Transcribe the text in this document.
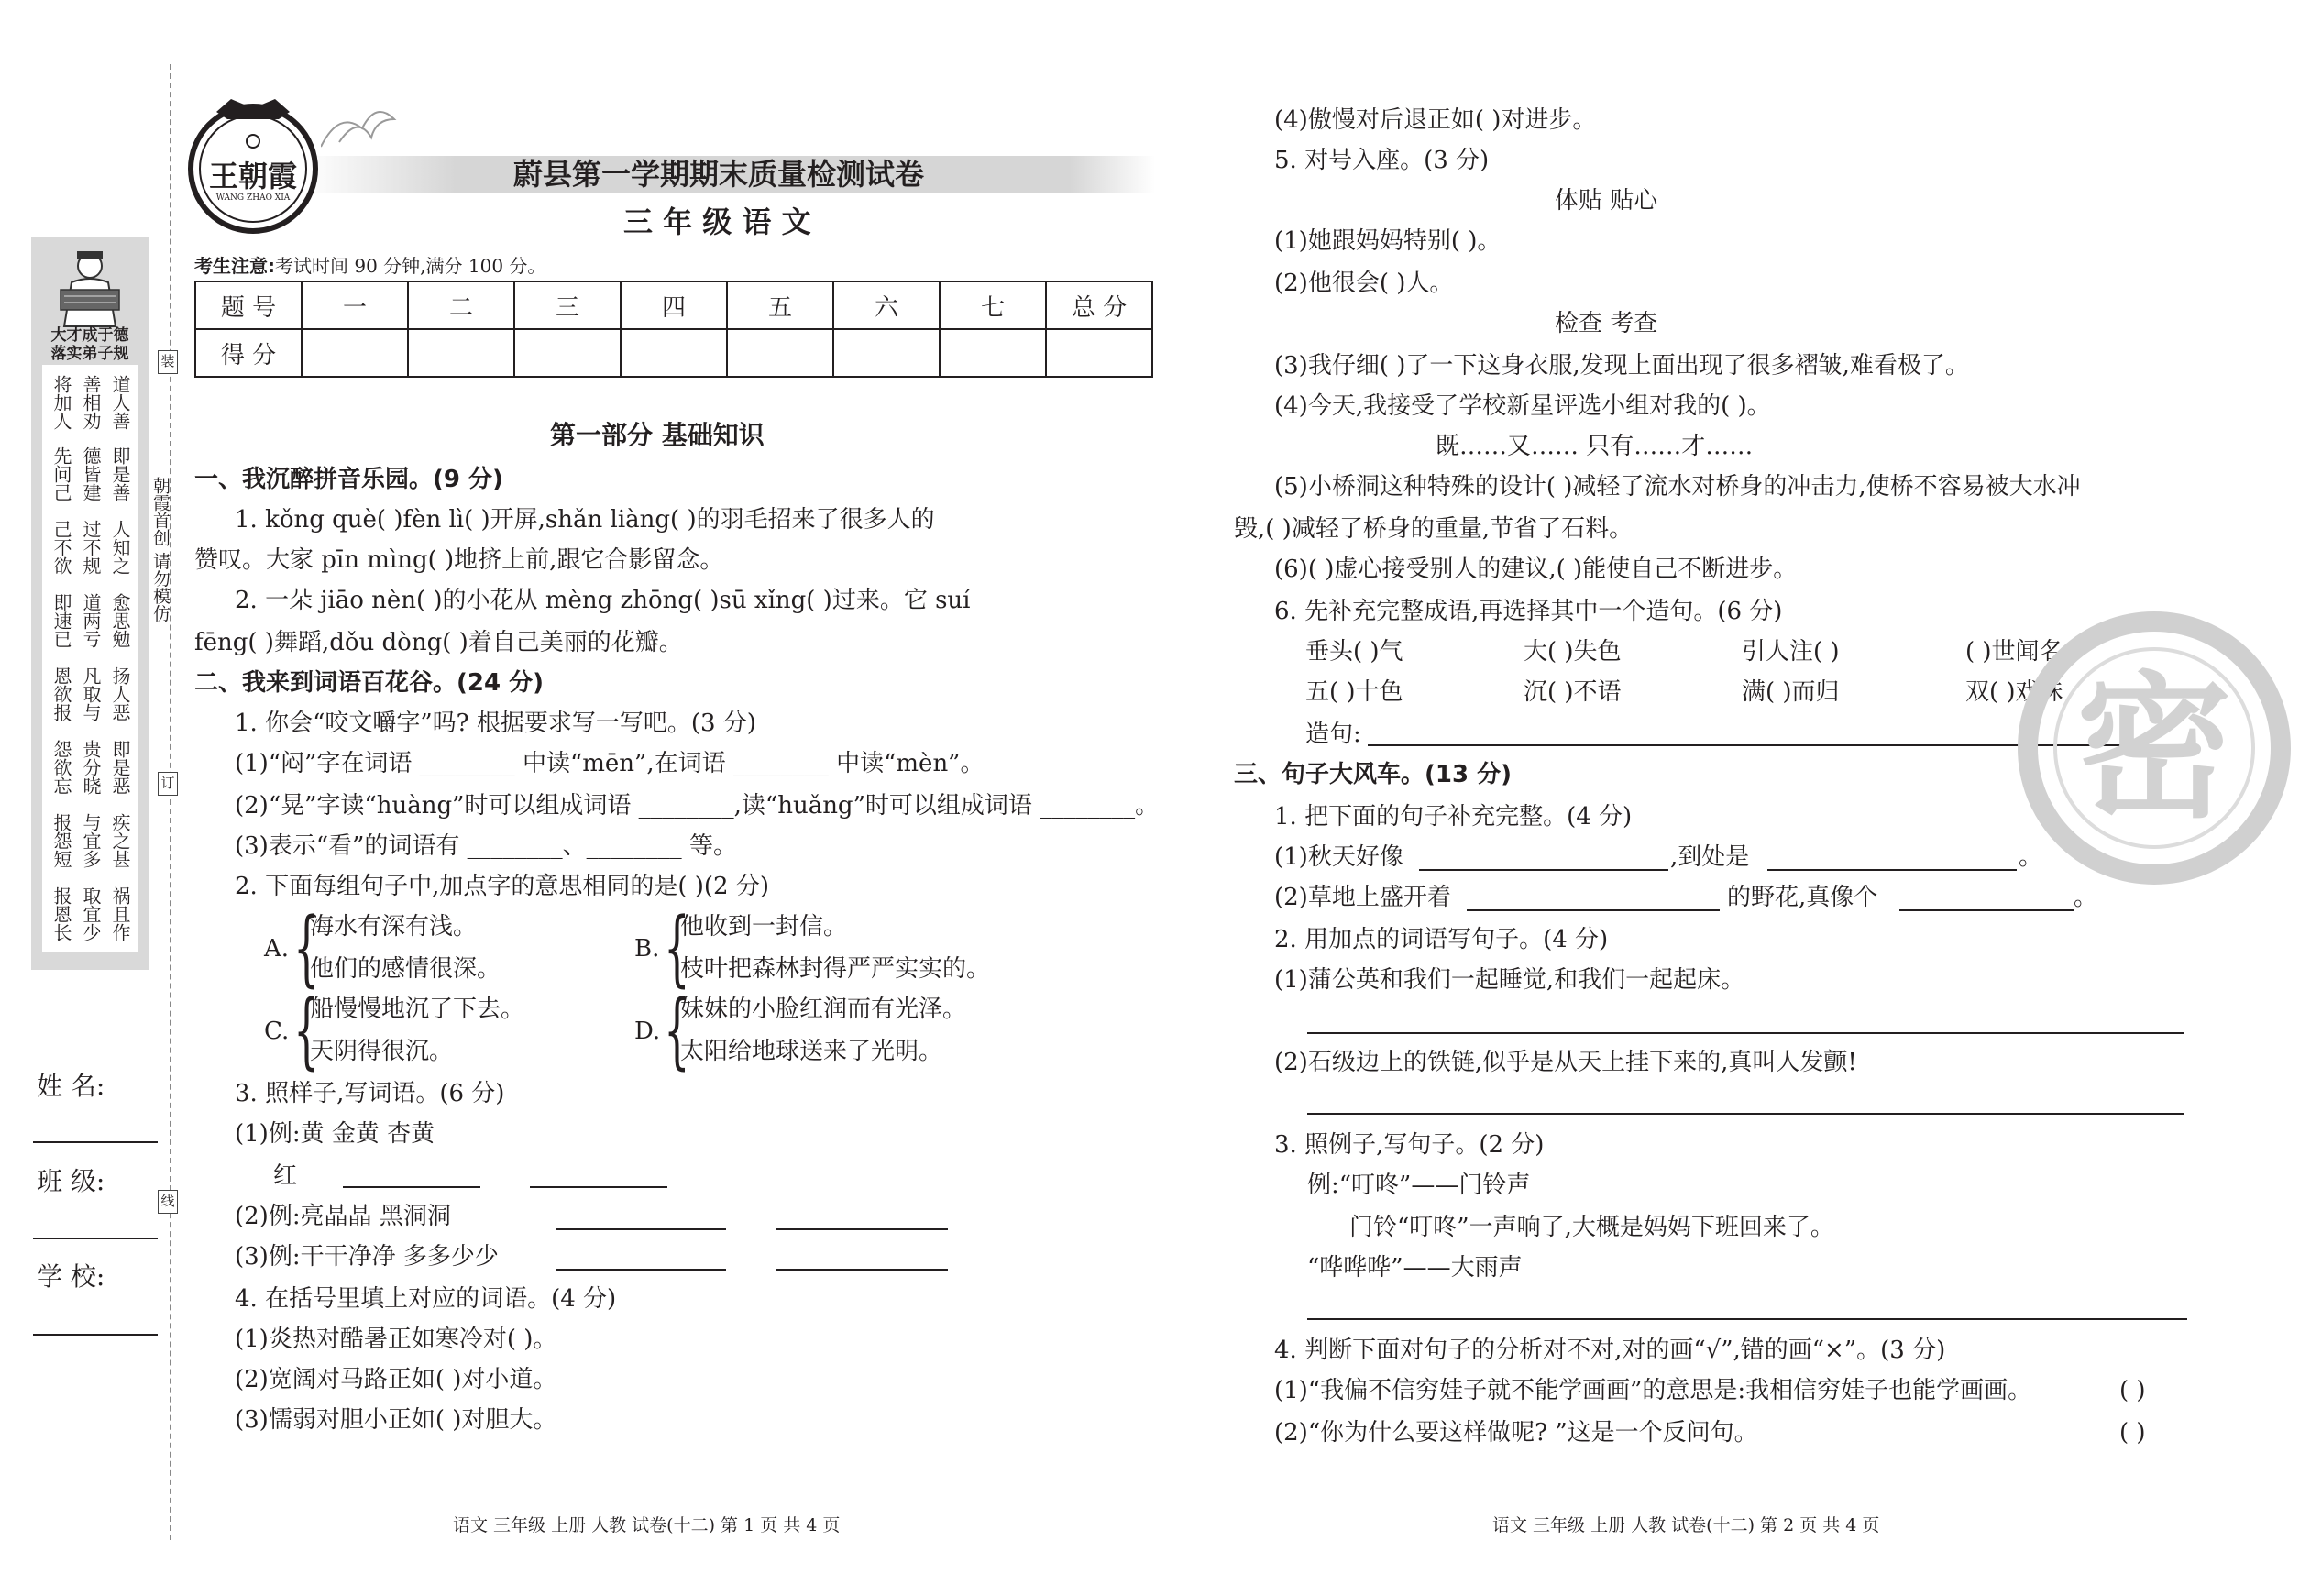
大才成于德
落实弟子规
将加人 善相劝 道人善
先问己 德皆建 即是善
己不欲 过不规 人知之
即速已 道两亏 愈思勉
恩欲报 凡取与 扬人恶
怨欲忘 贵分晓 即是恶
报怨短 与宜多 疾之甚
报恩长 取宜少 祸且作
姓 名:
班 级:
学 校:
装
订
线
朝霞首创 请勿模仿
王朝霞
WANG ZHAO XIA
蔚县第一学期期末质量检测试卷
三 年 级 语 文
考生注意:考试时间 90 分钟,满分 100 分。
题 号	一	二	三	四	五	六	七	总 分
得 分								
第一部分 基础知识
一、我沉醉拼音乐园。(9 分)
1. kǒng què( )fèn lì( )开屏,shǎn liàng( )的羽毛招来了很多人的
赞叹。大家 pīn mìng( )地挤上前,跟它合影留念。
2. 一朵 jiāo nèn( )的小花从 mèng zhōng( )sū xǐng( )过来。它 suí
fēng( )舞蹈,dǒu dòng( )着自己美丽的花瓣。
二、我来到词语百花谷。(24 分)
1. 你会“咬文嚼字”吗? 根据要求写一写吧。(3 分)
(1)“闷”字在词语 ________ 中读“mēn”,在词语 ________ 中读“mèn”。
(2)“晃”字读“huàng”时可以组成词语 ________,读“huǎng”时可以组成词语 ________。
(3)表示“看”的词语有 ________、________ 等。
2. 下面每组句子中,加点字的意思相同的是( )(2 分)
A. {
海水有深有浅。
他们的感情很深。
B. {
他收到一封信。
枝叶把森林封得严严实实的。
C. {
船慢慢地沉了下去。
天阴得很沉。
D. {
妹妹的小脸红润而有光泽。
太阳给地球送来了光明。
3. 照样子,写词语。(6 分)
(1)例:黄 金黄 杏黄
红
(2)例:亮晶晶 黑洞洞
(3)例:干干净净 多多少少
4. 在括号里填上对应的词语。(4 分)
(1)炎热对酷暑正如寒冷对( )。
(2)宽阔对马路正如( )对小道。
(3)懦弱对胆小正如( )对胆大。
(4)傲慢对后退正如( )对进步。
5. 对号入座。(3 分)
体贴 贴心
(1)她跟妈妈特别( )。
(2)他很会( )人。
检查 考查
(3)我仔细( )了一下这身衣服,发现上面出现了很多褶皱,难看极了。
(4)今天,我接受了学校新星评选小组对我的( )。
既……又…… 只有……才……
(5)小桥洞这种特殊的设计( )减轻了流水对桥身的冲击力,使桥不容易被大水冲
毁,( )减轻了桥身的重量,节省了石料。
(6)( )虚心接受别人的建议,( )能使自己不断进步。
6. 先补充完整成语,再选择其中一个造句。(6 分)
垂头( )气	大( )失色	引人注( )	( )世闻名
五( )十色	沉( )不语	满( )而归	双( )戏珠
造句:
三、句子大风车。(13 分)
1. 把下面的句子补充完整。(4 分)
(1)秋天好像	,到处是	。
(2)草地上盛开着	的野花,真像个	。
2. 用加点的词语写句子。(4 分)
(1)蒲公英和我们一起睡觉,和我们一起起床。
(2)石级边上的铁链,似乎是从天上挂下来的,真叫人发颤!
3. 照例子,写句子。(2 分)
例:“叮咚”——门铃声
门铃“叮咚”一声响了,大概是妈妈下班回来了。
“哗哗哗”——大雨声
4. 判断下面对句子的分析对不对,对的画“√”,错的画“×”。(3 分)
(1)“我偏不信穷娃子就不能学画画”的意思是:我相信穷娃子也能学画画。	( )
(2)“你为什么要这样做呢? ”这是一个反问句。	( )
密
语文 三年级 上册 人教 试卷(十二) 第 1 页 共 4 页	语文 三年级 上册 人教 试卷(十二) 第 2 页 共 4 页
